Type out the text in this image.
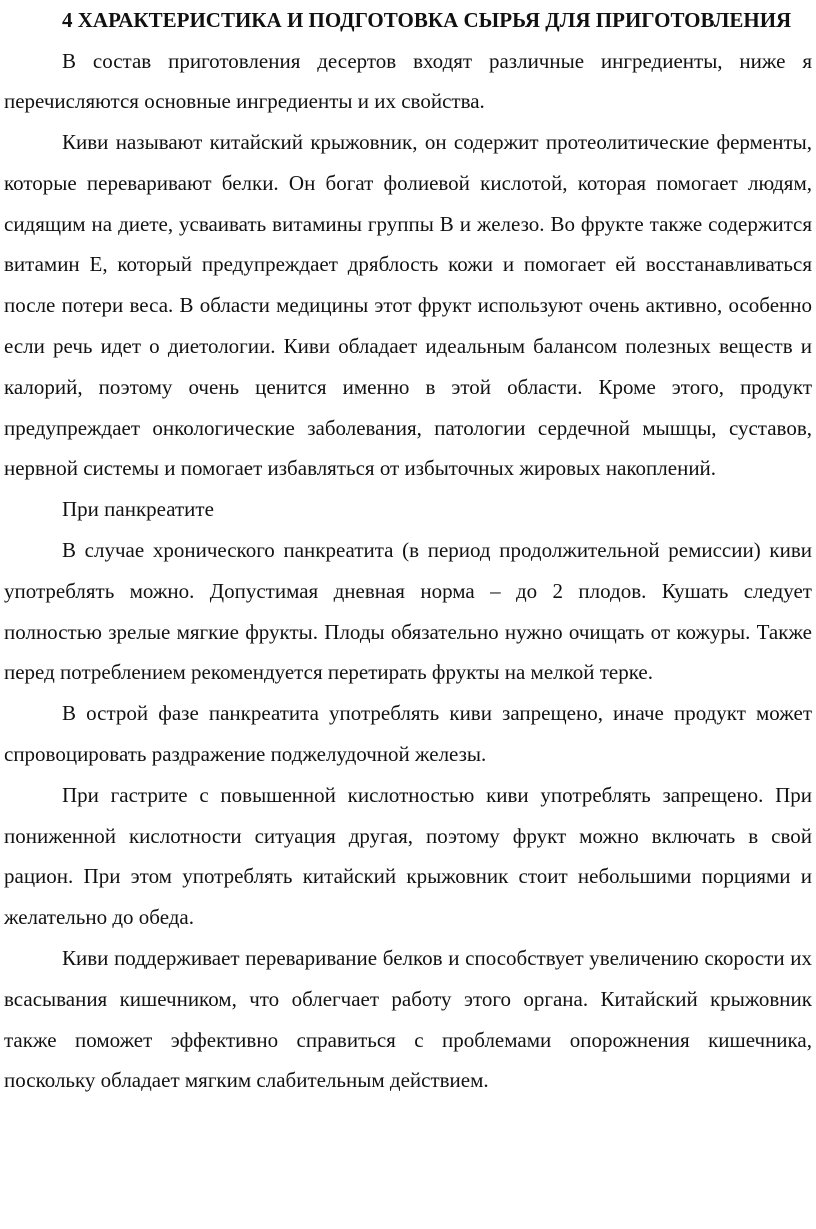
4 ХАРАКТЕРИСТИКА И ПОДГОТОВКА СЫРЬЯ ДЛЯ ПРИГОТОВЛЕНИЯ

В состав приготовления десертов входят различные ингредиенты, ниже я перечисляются основные ингредиенты и их свойства.

Киви называют китайский крыжовник, он содержит протеолитические ферменты, которые переваривают белки. Он богат фолиевой кислотой, которая помогает людям, сидящим на диете, усваивать витамины группы В и железо. Во фрукте также содержится витамин Е, который предупреждает дряблость кожи и помогает ей восстанавливаться после потери веса. В области медицины этот фрукт используют очень активно, особенно если речь идет о диетологии. Киви обладает идеальным балансом полезных веществ и калорий, поэтому очень ценится именно в этой области. Кроме этого, продукт предупреждает онкологические заболевания, патологии сердечной мышцы, суставов, нервной системы и помогает избавляться от избыточных жировых накоплений.

При панкреатите

В случае хронического панкреатита (в период продолжительной ремиссии) киви употреблять можно. Допустимая дневная норма – до 2 плодов. Кушать следует полностью зрелые мягкие фрукты. Плоды обязательно нужно очищать от кожуры. Также перед потреблением рекомендуется перетирать фрукты на мелкой терке.

В острой фазе панкреатита употреблять киви запрещено, иначе продукт может спровоцировать раздражение поджелудочной железы.

При гастрите с повышенной кислотностью киви употреблять запрещено. При пониженной кислотности ситуация другая, поэтому фрукт можно включать в свой рацион. При этом употреблять китайский крыжовник стоит небольшими порциями и желательно до обеда.

Киви поддерживает переваривание белков и способствует увеличению скорости их всасывания кишечником, что облегчает работу этого органа. Китайский крыжовник также поможет эффективно справиться с проблемами опорожнения кишечника, поскольку обладает мягким слабительным действием.
